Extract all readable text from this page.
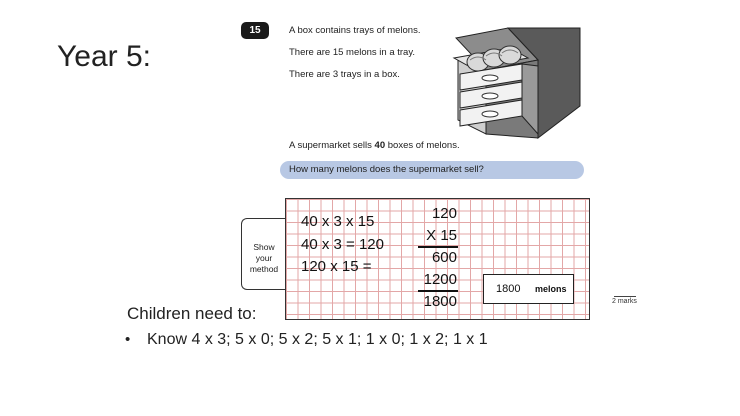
Year 5:
15	A box contains trays of melons.
There are 15 melons in a tray.
There are 3 trays in a box.
A supermarket sells 40 boxes of melons.
How many melons does the supermarket sell?
Show
your
method
40 x 3 x 15
40 x 3 = 120
120 x 15 =
120
X 15
600
1200
1800
1800 melons
2 marks
Children need to:
• Know 4 x 3; 5 x 0; 5 x 2; 5 x 1; 1 x 0; 1 x 2; 1 x 1
